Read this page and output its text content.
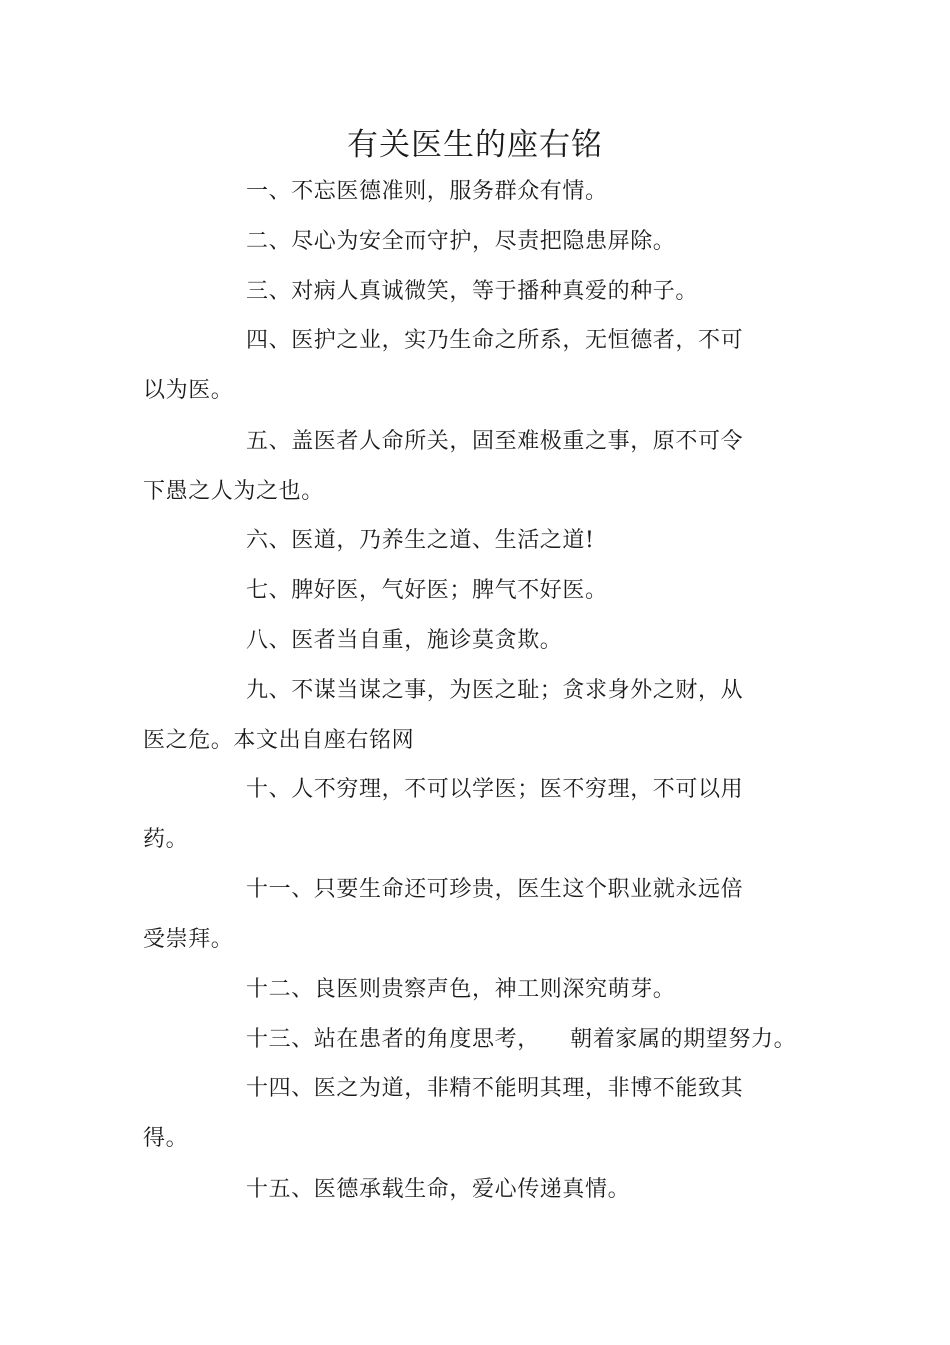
有关医生的座右铭
一、不忘医德准则，服务群众有情。
二、尽心为安全而守护，尽责把隐患屏除。
三、对病人真诚微笑，等于播种真爱的种子。
四、医护之业，实乃生命之所系，无恒德者，不可
以为医。
五、盖医者人命所关，固至难极重之事，原不可令
下愚之人为之也。
六、医道，乃养生之道、生活之道!
七、脾好医，气好医；脾气不好医。
八、医者当自重，施诊莫贪欺。
九、不谋当谋之事，为医之耻；贪求身外之财，从
医之危。本文出自座右铭网
十、人不穷理，不可以学医；医不穷理，不可以用
药。
十一、只要生命还可珍贵，医生这个职业就永远倍
受崇拜。
十二、良医则贵察声色，神工则深究萌芽。
十三、站在患者的角度思考，    朝着家属的期望努力。
十四、医之为道，非精不能明其理，非博不能致其
得。
十五、医德承载生命，爱心传递真情。
